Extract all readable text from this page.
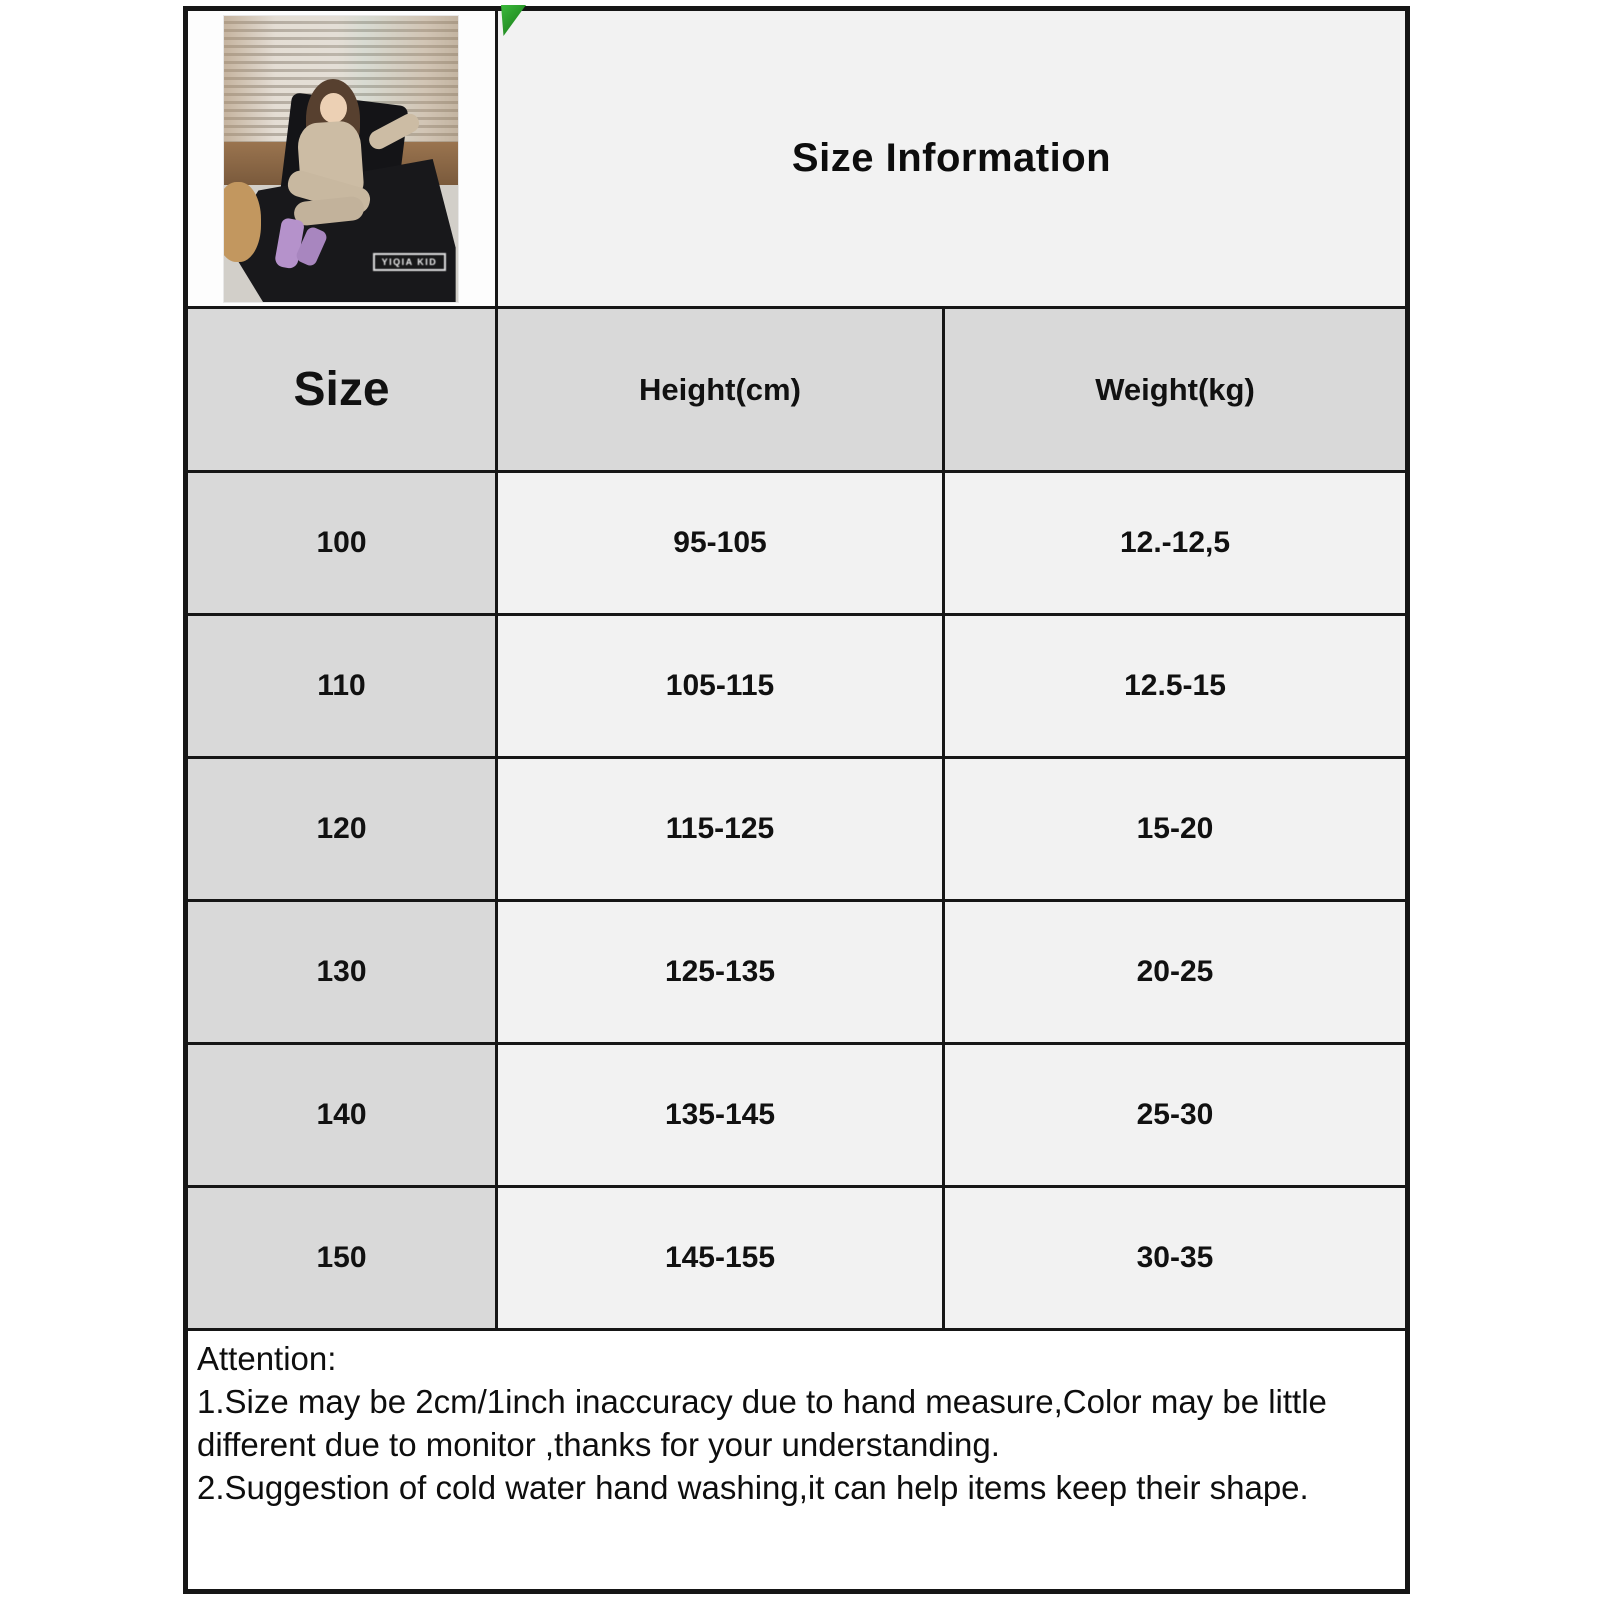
YIQIA KID
Size Information
Size	Height(cm)	Weight(kg)
100	95-105	12.-12,5
110	105-115	12.5-15
120	115-125	15-20
130	125-135	20-25
140	135-145	25-30
150	145-155	30-35

Attention:

1.Size may be 2cm/1inch inaccuracy due to hand measure,Color may be little different due to monitor ,thanks for your understanding.

2.Suggestion of cold water hand washing,it can help items keep their shape.
